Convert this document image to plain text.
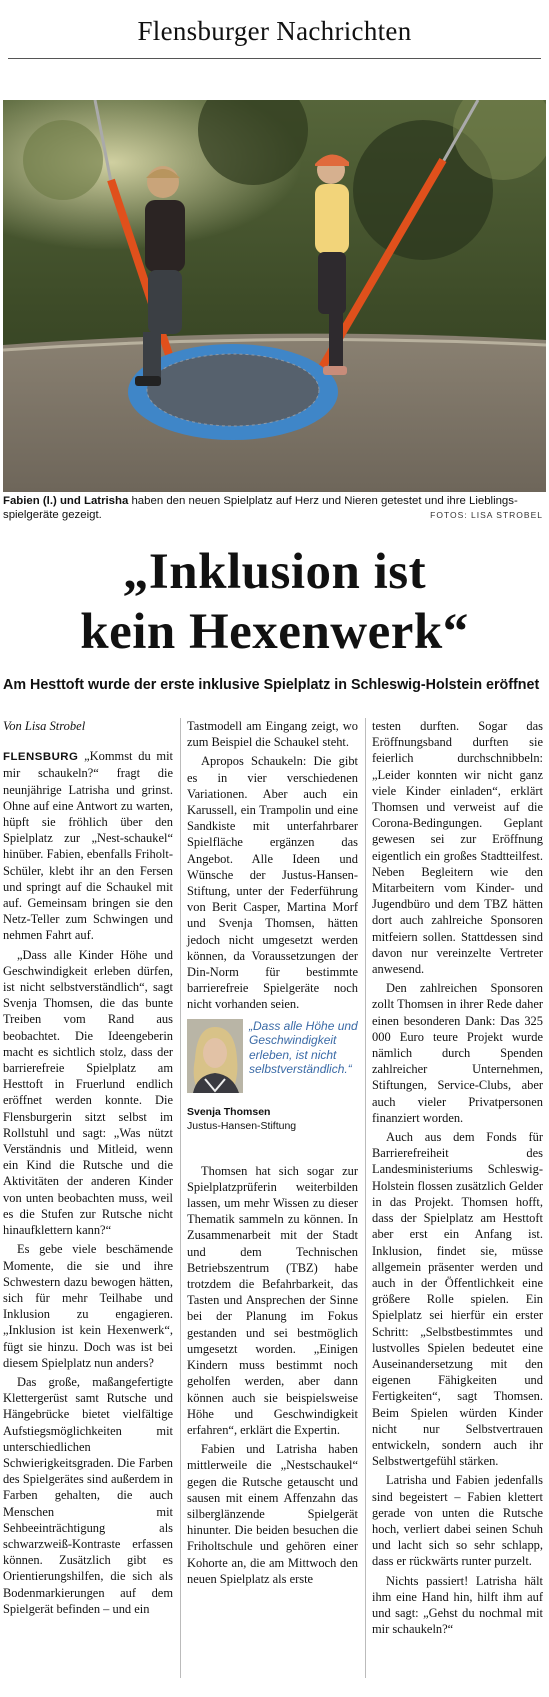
Flensburger Nachrichten
Fabien (l.) und Latrisha haben den neuen Spielplatz auf Herz und Nieren getestet und ihre Lieblings-spielgeräte gezeigt.	FOTOS: LISA STROBEL
„Inklusion ist
kein Hexenwerk“
Am Hesttoft wurde der erste inklusive Spielplatz in Schleswig-Holstein eröffnet

Von Lisa Strobel

FLENSBURG „Kommst du mit mir schaukeln?“ fragt die neunjährige Latrisha und grinst. Ohne auf eine Antwort zu warten, hüpft sie fröhlich über den Spielplatz zur „Nest-schaukel“ hinüber. Fabien, ebenfalls Friholt-Schüler, klebt ihr an den Fersen und springt auf die Schaukel mit auf. Gemeinsam bringen sie den Netz-Teller zum Schwingen und nehmen Fahrt auf.

„Dass alle Kinder Höhe und Geschwindigkeit erleben dürfen, ist nicht selbstverständlich“, sagt Svenja Thomsen, die das bunte Treiben vom Rand aus beobachtet. Die Ideengeberin macht es sichtlich stolz, dass der barrierefreie Spielplatz am Hesttoft in Fruerlund endlich eröffnet werden konnte. Die Flensburgerin sitzt selbst im Rollstuhl und sagt: „Was nützt Verständnis und Mitleid, wenn ein Kind die Rutsche und die Aktivitäten der anderen Kinder von unten beobachten muss, weil es die Stufen zur Rutsche nicht hinaufklettern kann?“

Es gebe viele beschämende Momente, die sie und ihre Schwestern dazu bewogen hätten, sich für mehr Teilhabe und Inklusion zu engagieren. „Inklusion ist kein Hexenwerk“, fügt sie hinzu. Doch was ist bei diesem Spielplatz nun anders?

Das große, maßangefertigte Klettergerüst samt Rutsche und Hängebrücke bietet vielfältige Aufstiegsmöglichkeiten mit unterschiedlichen Schwierigkeitsgraden. Die Farben des Spielgerätes sind außerdem in Farben gehalten, die auch Menschen mit Sehbeeinträchtigung als schwarzweiß-Kontraste erfassen können. Zusätzlich gibt es Orientierungshilfen, die sich als Bodenmarkierungen auf dem Spielgerät befinden – und ein

Tastmodell am Eingang zeigt, wo zum Beispiel die Schaukel steht.

Apropos Schaukeln: Die gibt es in vier verschiedenen Variationen. Aber auch ein Karussell, ein Trampolin und eine Sandkiste mit unterfahrbarer Spielfläche ergänzen das Angebot. Alle Ideen und Wünsche der Justus-Hansen-Stiftung, unter der Federführung von Berit Casper, Martina Morf und Svenja Thomsen, hätten jedoch nicht umgesetzt werden können, da Voraussetzungen der Din-Norm für bestimmte barrierefreie Spielgeräte noch nicht vorhanden seien.

„Dass alle Höhe und Geschwindigkeit erleben, ist nicht selbstverständlich.“
Svenja Thomsen
Justus-Hansen-Stiftung

Thomsen hat sich sogar zur Spielplatzprüferin weiterbilden lassen, um mehr Wissen zu dieser Thematik sammeln zu können. In Zusammenarbeit mit der Stadt und dem Technischen Betriebszentrum (TBZ) habe trotzdem die Befahrbarkeit, das Tasten und Ansprechen der Sinne bei der Planung im Fokus gestanden und sei bestmöglich umgesetzt worden. „Einigen Kindern muss bestimmt noch geholfen werden, aber dann können auch sie beispielsweise Höhe und Geschwindigkeit erfahren“, erklärt die Expertin.

Fabien und Latrisha haben mittlerweile die „Nestschaukel“ gegen die Rutsche getauscht und sausen mit einem Affenzahn das silberglänzende Spielgerät hinunter. Die beiden besuchen die Friholtschule und gehören einer Kohorte an, die am Mittwoch den neuen Spielplatz als erste

testen durften. Sogar das Eröffnungsband durften sie feierlich durchschnibbeln: „Leider konnten wir nicht ganz viele Kinder einladen“, erklärt Thomsen und verweist auf die Corona-Bedingungen. Geplant gewesen sei zur Eröffnung eigentlich ein großes Stadtteilfest. Neben Begleitern wie den Mitarbeitern vom Kinder- und Jugendbüro und dem TBZ hätten dort auch zahlreiche Sponsoren mitfeiern sollen. Stattdessen sind davon nur vereinzelte Vertreter anwesend.

Den zahlreichen Sponsoren zollt Thomsen in ihrer Rede daher einen besonderen Dank: Das 325 000 Euro teure Projekt wurde nämlich durch Spenden zahlreicher Unternehmen, Stiftungen, Service-Clubs, aber auch vieler Privatpersonen finanziert worden.

Auch aus dem Fonds für Barrierefreiheit des Landesministeriums Schleswig-Holstein flossen zusätzlich Gelder in das Projekt. Thomsen hofft, dass der Spielplatz am Hesttoft aber erst ein Anfang ist. Inklusion, findet sie, müsse allgemein präsenter werden und auch in der Öffentlichkeit eine größere Rolle spielen. Ein Spielplatz sei hierfür ein erster Schritt: „Selbstbestimmtes und lustvolles Spielen bedeutet eine Auseinandersetzung mit den eigenen Fähigkeiten und Fertigkeiten“, sagt Thomsen. Beim Spielen würden Kinder nicht nur Selbstvertrauen entwickeln, sondern auch ihr Selbstwertgefühl stärken.

Latrisha und Fabien jedenfalls sind begeistert – Fabien klettert gerade von unten die Rutsche hoch, verliert dabei seinen Schuh und lacht sich so sehr schlapp, dass er rückwärts runter purzelt.

Nichts passiert! Latrisha hält ihm eine Hand hin, hilft ihm auf und sagt: „Gehst du nochmal mit mir schaukeln?“
